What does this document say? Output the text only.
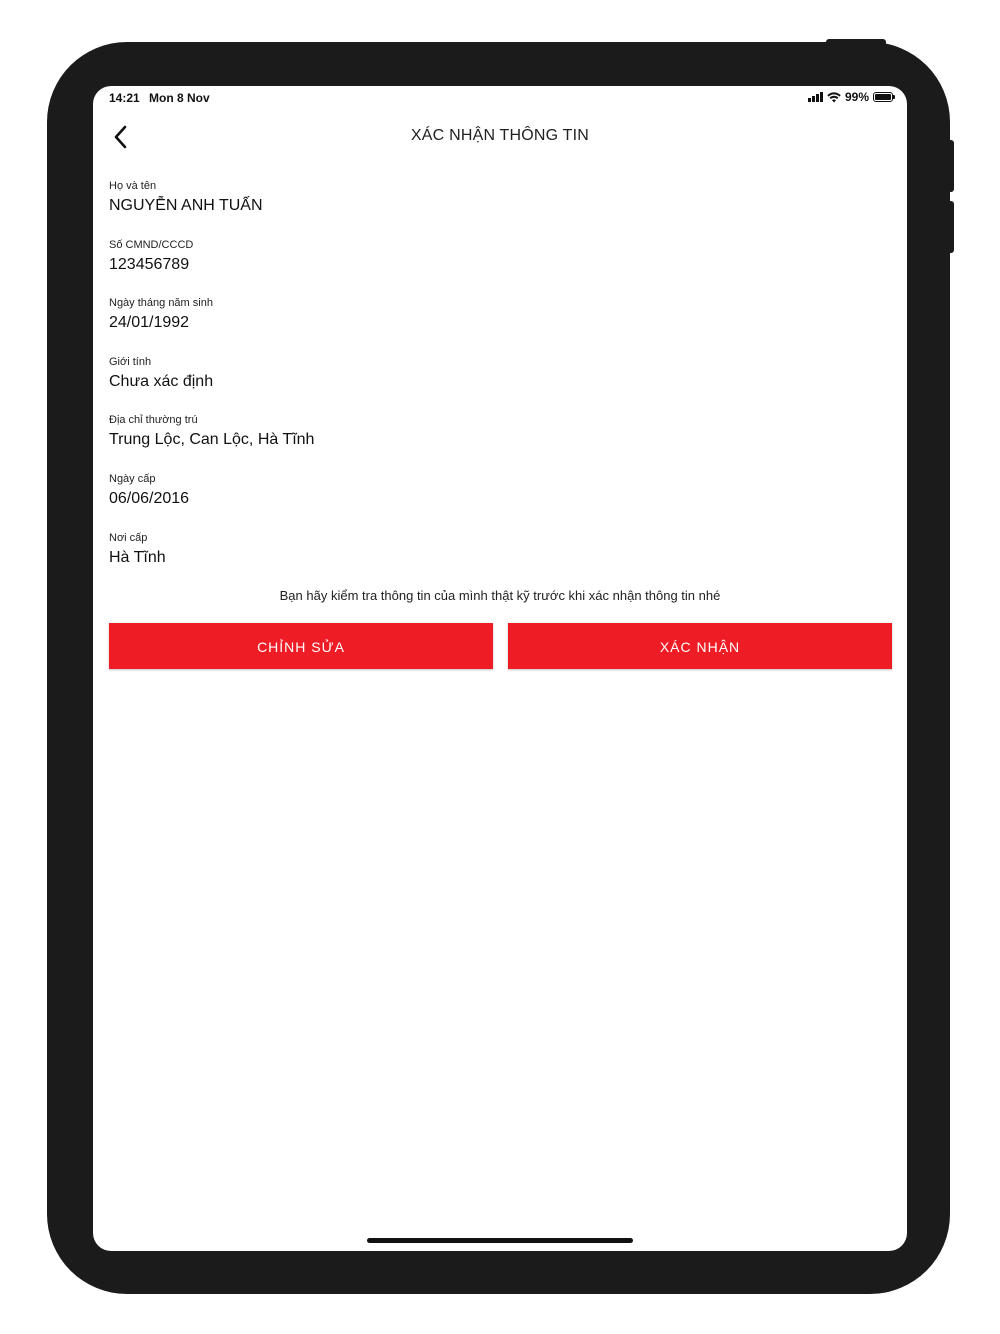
14:21 Mon 8 Nov	99%
XÁC NHẬN THÔNG TIN
Họ và tên
NGUYỄN ANH TUẤN
Số CMND/CCCD
123456789
Ngày tháng năm sinh
24/01/1992
Giới tính
Chưa xác định
Địa chỉ thường trú
Trung Lộc, Can Lộc, Hà Tĩnh
Ngày cấp
06/06/2016
Nơi cấp
Hà Tĩnh
Bạn hãy kiểm tra thông tin của mình thật kỹ trước khi xác nhận thông tin nhé
CHỈNH SỬA	XÁC NHẬN
